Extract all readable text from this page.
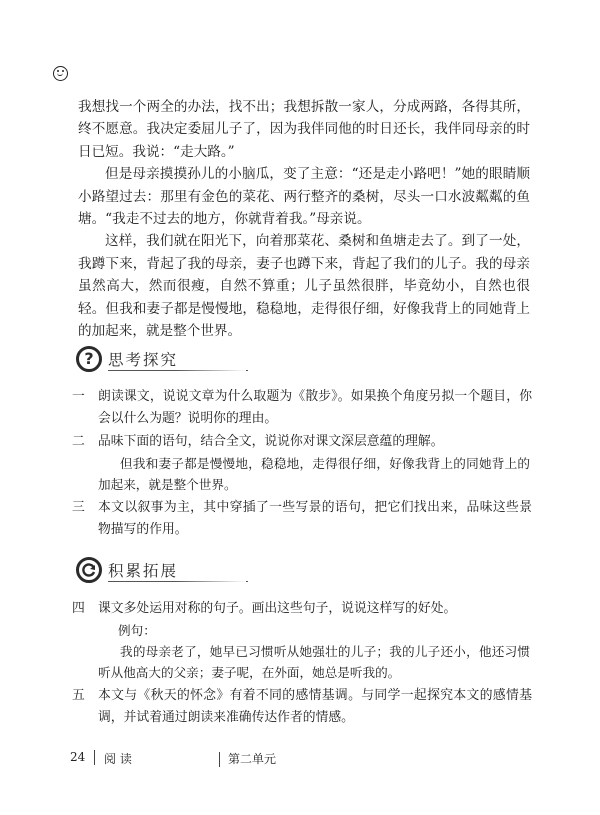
我想找一个两全的办法，找不出；我想拆散一家人，分成两路，各得其所，终不愿意。我决定委屈儿子了，因为我伴同他的时日还长，我伴同母亲的时日已短。我说：“走大路。”

但是母亲摸摸孙儿的小脑瓜，变了主意：“还是走小路吧！”她的眼睛顺小路望过去：那里有金色的菜花、两行整齐的桑树，尽头一口水波粼粼的鱼塘。“我走不过去的地方，你就背着我。”母亲说。

这样，我们就在阳光下，向着那菜花、桑树和鱼塘走去了。到了一处，我蹲下来，背起了我的母亲，妻子也蹲下来，背起了我们的儿子。我的母亲虽然高大，然而很瘦，自然不算重；儿子虽然很胖，毕竟幼小，自然也很轻。但我和妻子都是慢慢地，稳稳地，走得很仔细，好像我背上的同她背上的加起来，就是整个世界。

? 思考探究
一	朗读课文，说说文章为什么取题为《散步》。如果换个角度另拟一个题目，你会以什么为题？说明你的理由。
二	品味下面的语句，结合全文，说说你对课文深层意蕴的理解。
但我和妻子都是慢慢地，稳稳地，走得很仔细，好像我背上的同她背上的加起来，就是整个世界。
三	本文以叙事为主，其中穿插了一些写景的语句，把它们找出来，品味这些景物描写的作用。
积累拓展
四	课文多处运用对称的句子。画出这些句子，说说这样写的好处。
例句：
我的母亲老了，她早已习惯听从她强壮的儿子；我的儿子还小，他还习惯听从他高大的父亲；妻子呢，在外面，她总是听我的。
五	本文与《秋天的怀念》有着不同的感情基调。与同学一起探究本文的感情基调，并试着通过朗读来准确传达作者的情感。
24 阅 读	第二单元
